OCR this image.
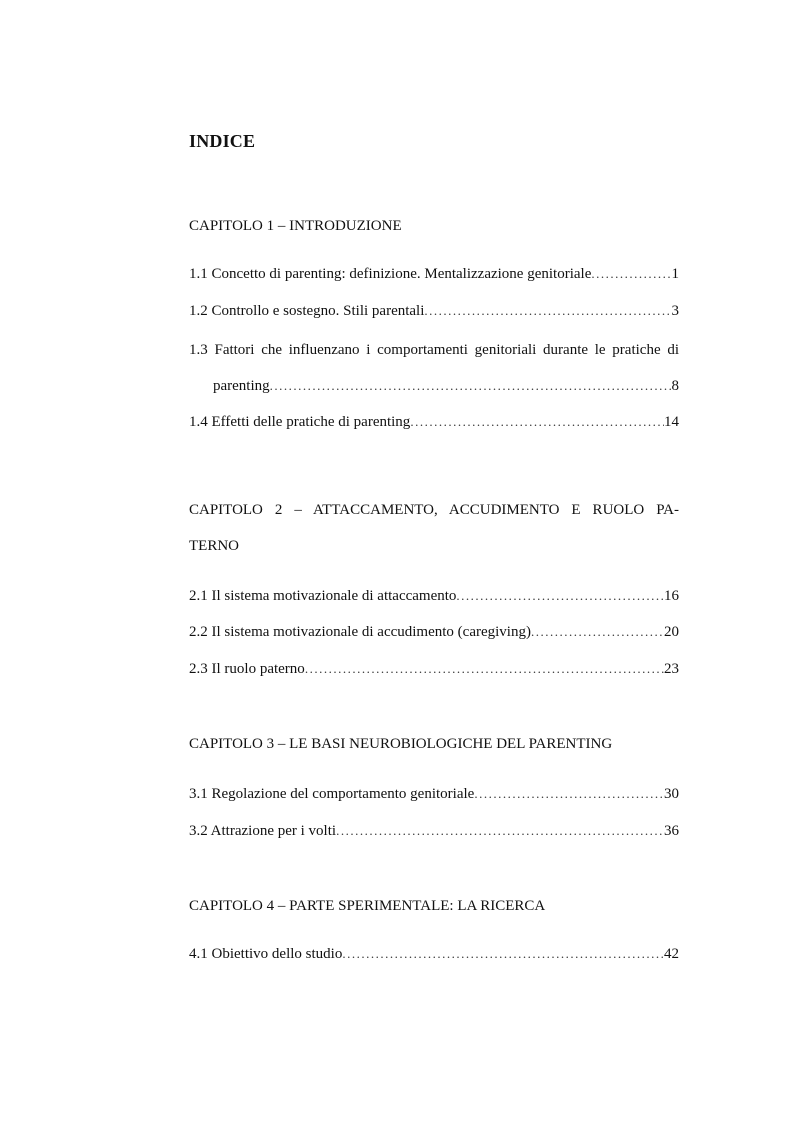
INDICE
CAPITOLO 1 – INTRODUZIONE
1.1 Concetto di parenting: definizione. Mentalizzazione genitoriale .....	1
1.2 Controllo e sostegno. Stili parentali .....	3
1.3 Fattori che influenzano i comportamenti genitoriali durante le pratiche di
parenting .....	8
1.4 Effetti delle pratiche di parenting .....	14
CAPITOLO 2 – ATTACCAMENTO, ACCUDIMENTO E RUOLO PA-
TERNO
2.1 Il sistema motivazionale di attaccamento .....	16
2.2 Il sistema motivazionale di accudimento (caregiving) .....	20
2.3 Il ruolo paterno .....	23
CAPITOLO 3 – LE BASI NEUROBIOLOGICHE DEL PARENTING
3.1 Regolazione del comportamento genitoriale .....	30
3.2 Attrazione per i volti .....	36
CAPITOLO 4 – PARTE SPERIMENTALE: LA RICERCA
4.1 Obiettivo dello studio .....	42
